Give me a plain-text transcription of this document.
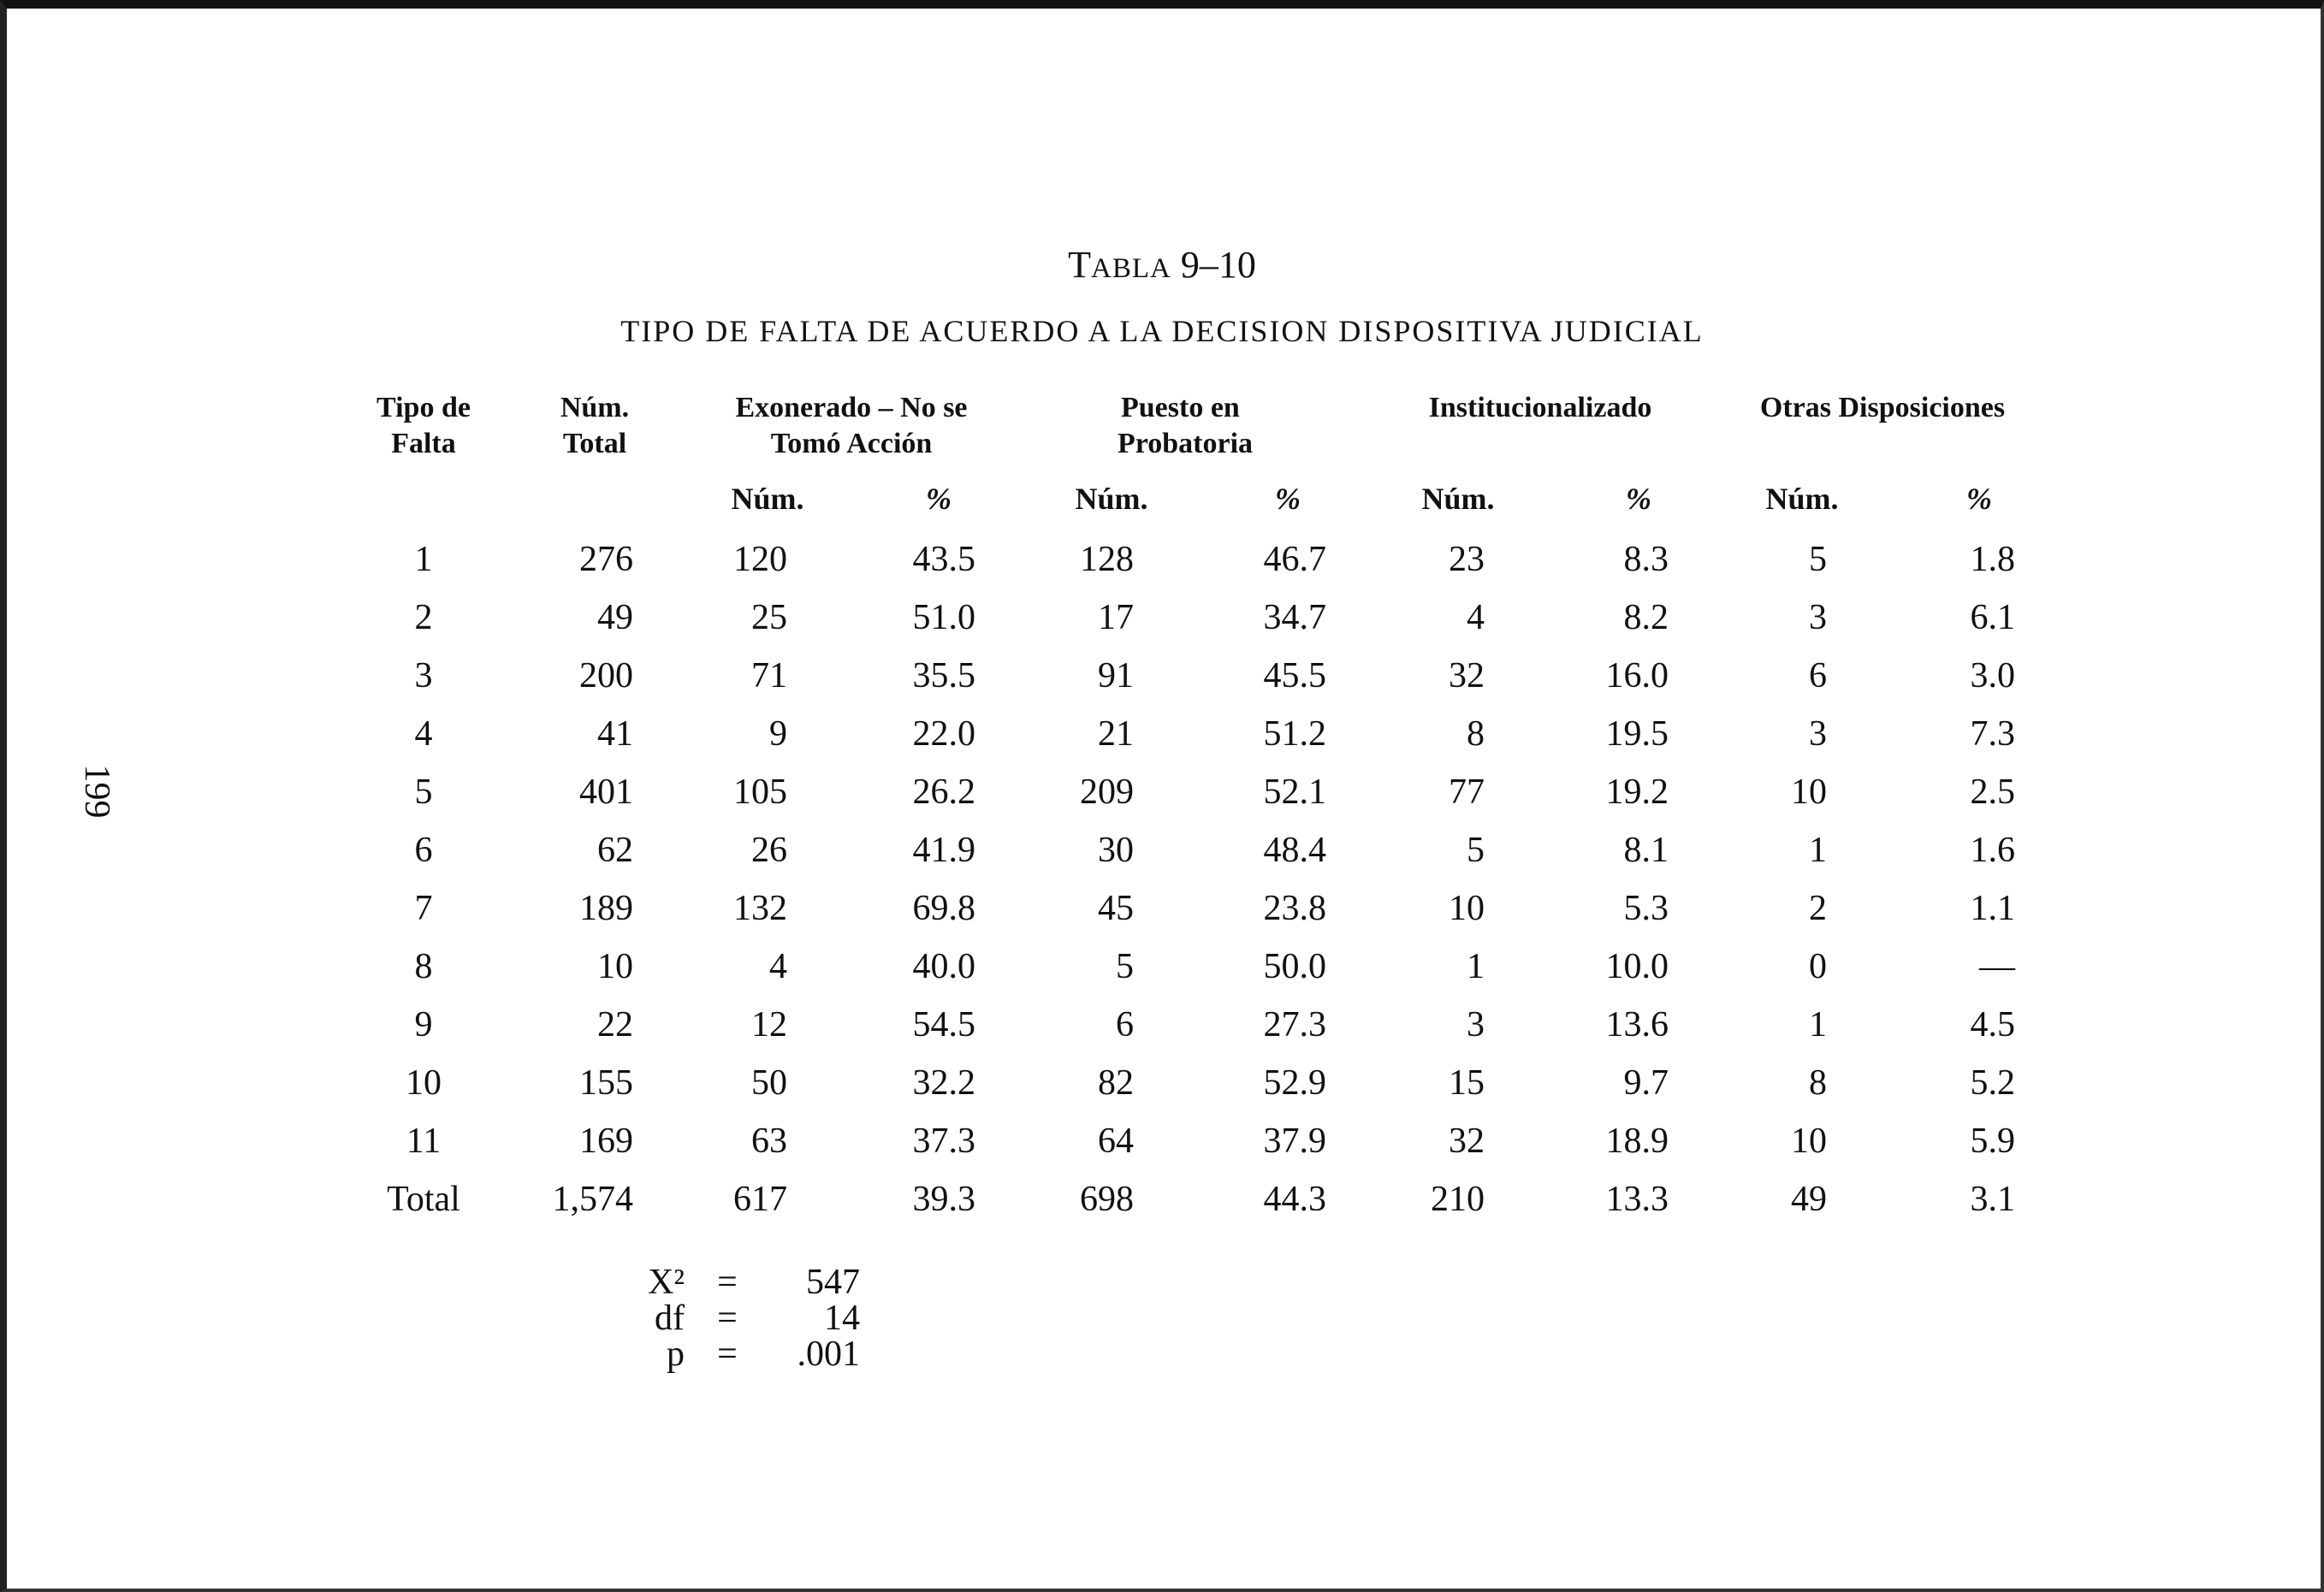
199
TABLA 9–10
TIPO DE FALTA DE ACUERDO A LA DECISION DISPOSITIVA JUDICIAL
Tipo de
Falta
Núm.
Total
Exonerado – No se
Tomó Acción
Puesto en
Probatoria
Institucionalizado	Otras Disposiciones
Núm.	%	Núm.	%	Núm.	%	Núm.	%
1	276	120	43.5	128	46.7	23	8.3	5	1.8
2	49	25	51.0	17	34.7	4	8.2	3	6.1
3	200	71	35.5	91	45.5	32	16.0	6	3.0
4	41	9	22.0	21	51.2	8	19.5	3	7.3
5	401	105	26.2	209	52.1	77	19.2	10	2.5
6	62	26	41.9	30	48.4	5	8.1	1	1.6
7	189	132	69.8	45	23.8	10	5.3	2	1.1
8	10	4	40.0	5	50.0	1	10.0	0	—
9	22	12	54.5	6	27.3	3	13.6	1	4.5
10	155	50	32.2	82	52.9	15	9.7	8	5.2
11	169	63	37.3	64	37.9	32	18.9	10	5.9
Total	1,574	617	39.3	698	44.3	210	13.3	49	3.1
X² =	547
df =	14
p =	.001
